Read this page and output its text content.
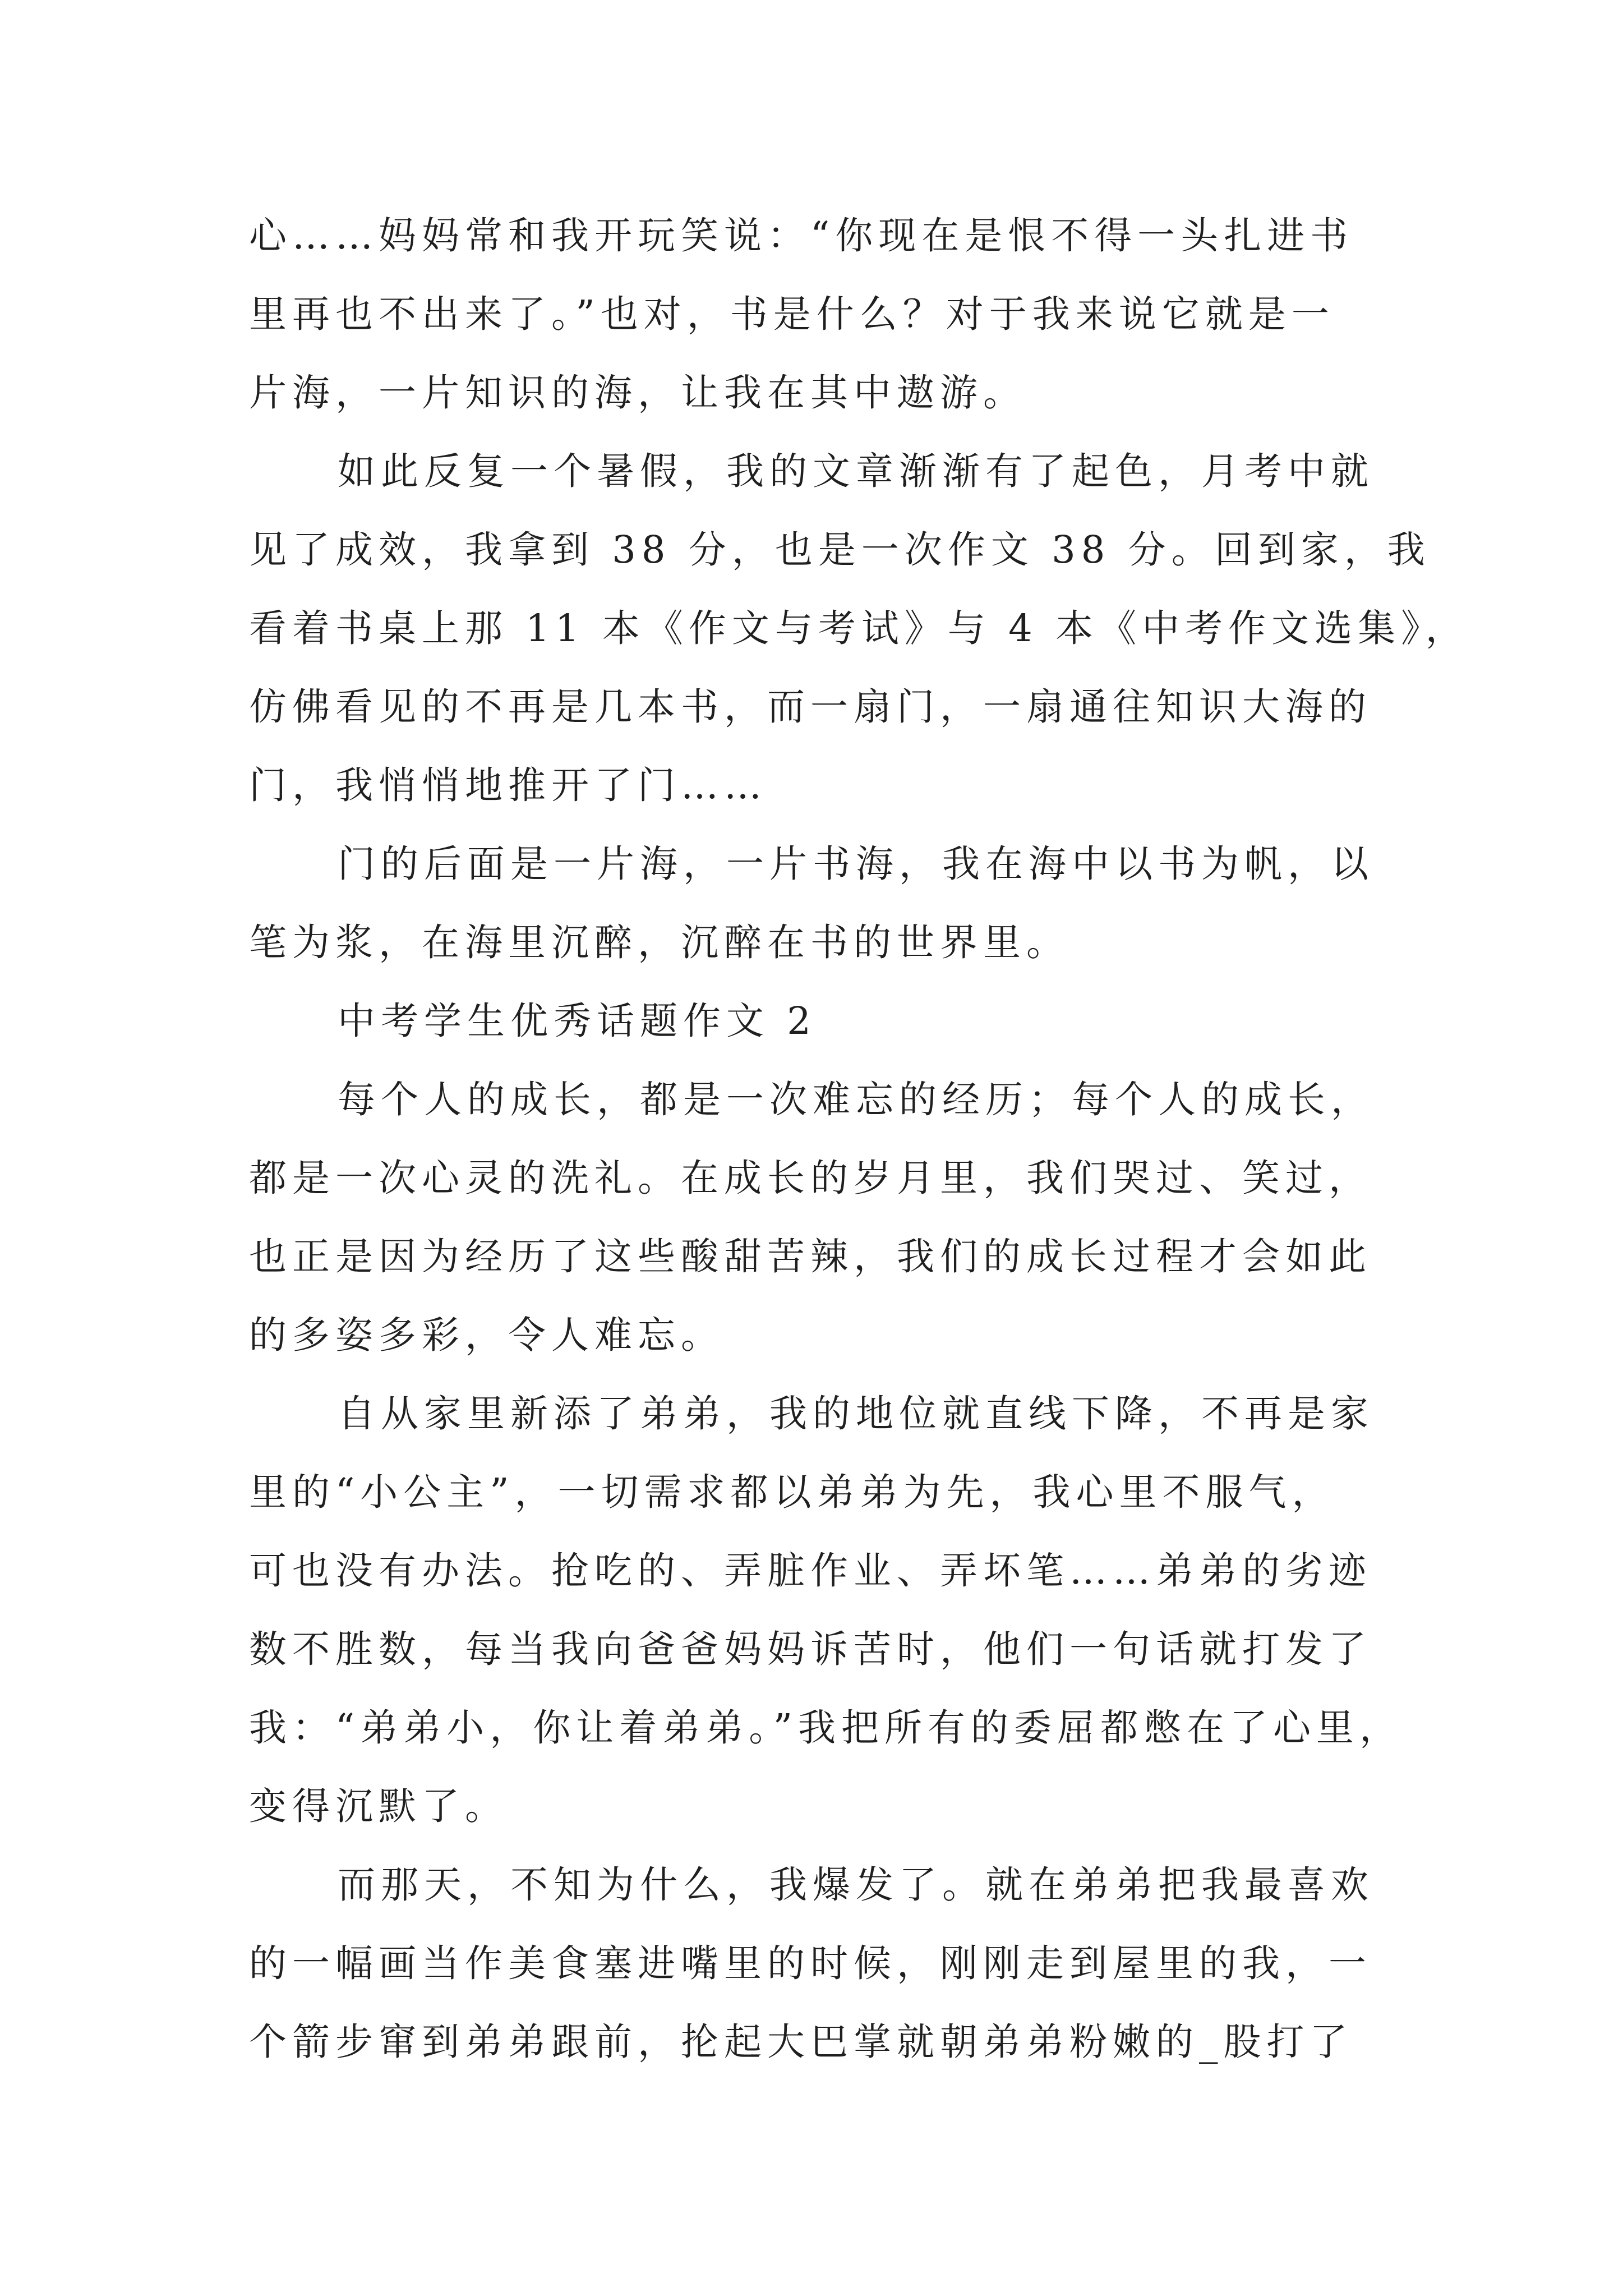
心……妈妈常和我开玩笑说：“你现在是恨不得一头扎进书
里再也不出来了。”也对，书是什么？对于我来说它就是一
片海，一片知识的海，让我在其中遨游。
如此反复一个暑假，我的文章渐渐有了起色，月考中就
见了成效，我拿到 38 分，也是一次作文 38 分。回到家，我
看着书桌上那 11 本《作文与考试》与 4 本《中考作文选集》，
仿佛看见的不再是几本书，而一扇门，一扇通往知识大海的
门，我悄悄地推开了门……
门的后面是一片海，一片书海，我在海中以书为帆，以
笔为浆，在海里沉醉，沉醉在书的世界里。
中考学生优秀话题作文 2
每个人的成长，都是一次难忘的经历；每个人的成长，
都是一次心灵的洗礼。在成长的岁月里，我们哭过、笑过，
也正是因为经历了这些酸甜苦辣，我们的成长过程才会如此
的多姿多彩，令人难忘。
自从家里新添了弟弟，我的地位就直线下降，不再是家
里的“小公主”，一切需求都以弟弟为先，我心里不服气，
可也没有办法。抢吃的、弄脏作业、弄坏笔……弟弟的劣迹
数不胜数，每当我向爸爸妈妈诉苦时，他们一句话就打发了
我：“弟弟小，你让着弟弟。”我把所有的委屈都憋在了心里，
变得沉默了。
而那天，不知为什么，我爆发了。就在弟弟把我最喜欢
的一幅画当作美食塞进嘴里的时候，刚刚走到屋里的我，一
个箭步窜到弟弟跟前，抡起大巴掌就朝弟弟粉嫩的_股打了
